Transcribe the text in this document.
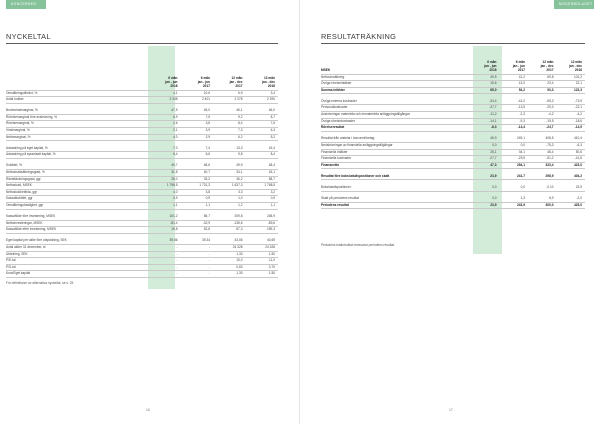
KONCERNEN
NYCKELTAL

	6 mån
jan - jun
2018	6 mån
jan - jun
2017	12 mån
jan - dec
2017	12 mån
jan - dec
2016

Omsättningstillväxt, %	4,1	10,6	6,9	3,4
Antal butiker	2 338	2 401	2 378	2 390

Bruttovinstmarginal, %	47,5	45,0	46,1	46,0
Rörelsemarginal före avskrivning, %	6,9	7,5	9,2	8,7
Rörelsemarginal, %	2,6	3,8	8,4	7,6
Vinstmarginal, %	2,1	3,9	7,3	6,3
Nettomarginal, %	4,0	2,9	6,2	5,2

Avkastning på eget kapital, %	7,3	7,4	13,3	16,4
Avkastning på sysselsatt kapital, %	6,4	6,6	9,8	8,4

Soliditet, %	49,7	48,6	49,9	48,4
Nettoskuldsättningsgrad, %	31,8	40,7	34,1	43,1
Räntetäckningsgrad, ggr	28,0	33,2	36,2	58,7
Nettoskuld, MSEK	1 798,5	1 731,3	1 637,3	1 768,5
Nettoskuld/ebitda, ggr	4,0	3,8	3,3	3,2
Kassalikviditet, ggr	0,9	0,9	1,0	0,9
Omsättningshastighet, ggr	1,1	1,1	1,2	1,1

Kassaflöde före investering, MSEK	101,2	85,7	209,8	248,9
Nettoinvesteringar, MSEK	-81,4	-32,9	-135,6	-89,6
Kassaflöde efter investering, MSEK	19,8	52,8	87,3	159,3

Eget kapital per aktie före utspädning, SEK	39,56	39,34	43,06	40,69
Antal aktier 31 december, st	-	-	24 328	24 328
Utdelning, SEK	-	-	1,33	1,50
P/E-tal	-	-	10,0	11,0
P/S-tal	-	-	0,60	0,70
Kurs/Eget kapital	-	-	1,30	1,50
För definitioner av alternativa nyckeltal, se s. 29.
16
MODERBOLAGET
RESULTATRÄKNING
MSEK	6 mån
jan - jun
2018	6 mån
jan - jun
2017	12 mån
jan - dec
2017	12 mån
jan - dec
2016

Nettoomsättning	49,5	41,2	69,8	101,2
Övriga rörelseintäkter	15,6	13,0	23,4	22,1
Summa intäkter	65,0	54,2	93,3	123,3

Övriga externa kostnader	-34,4	-41,0	-65,3	-73,9
Personalkostnader	-37,7	-13,5	-29,3	-22,1
Avskrivningar materiella och immateriella anläggningstillgångar	-11,2	-2,3	-4,2	-4,2
Övriga rörelsekostnader	-14,1	-9,3	-19,5	-18,6
Rörelseresultat	-8,3	-14,4	-24,7	-14,9

Resultat från andelar i koncernföretag	46,9	249,1	408,5	410,4
Nedskrivningar av finansiella anläggningstillgångar	0,0	0,0	-75,3	-6,3
Finansiella intäkter	28,1	34,1	48,4	50,6
Finansiella kostnader	-27,7	-29,5	-51,2	-41,6
Finansnetto	47,3	254,1	323,4	423,0

Resultat före bokslutsdispositioner och skatt	23,9	241,7	298,9	404,2

Bokslutsdispositioner	0,0	0,0	-0,10	23,9

Skatt på periodens resultat	0,0	1,3	8,9	-2,0
Periodens resultat	23,9	243,9	300,0	425,0
Periodens totalresultat motsvarar periodens resultat.
17
